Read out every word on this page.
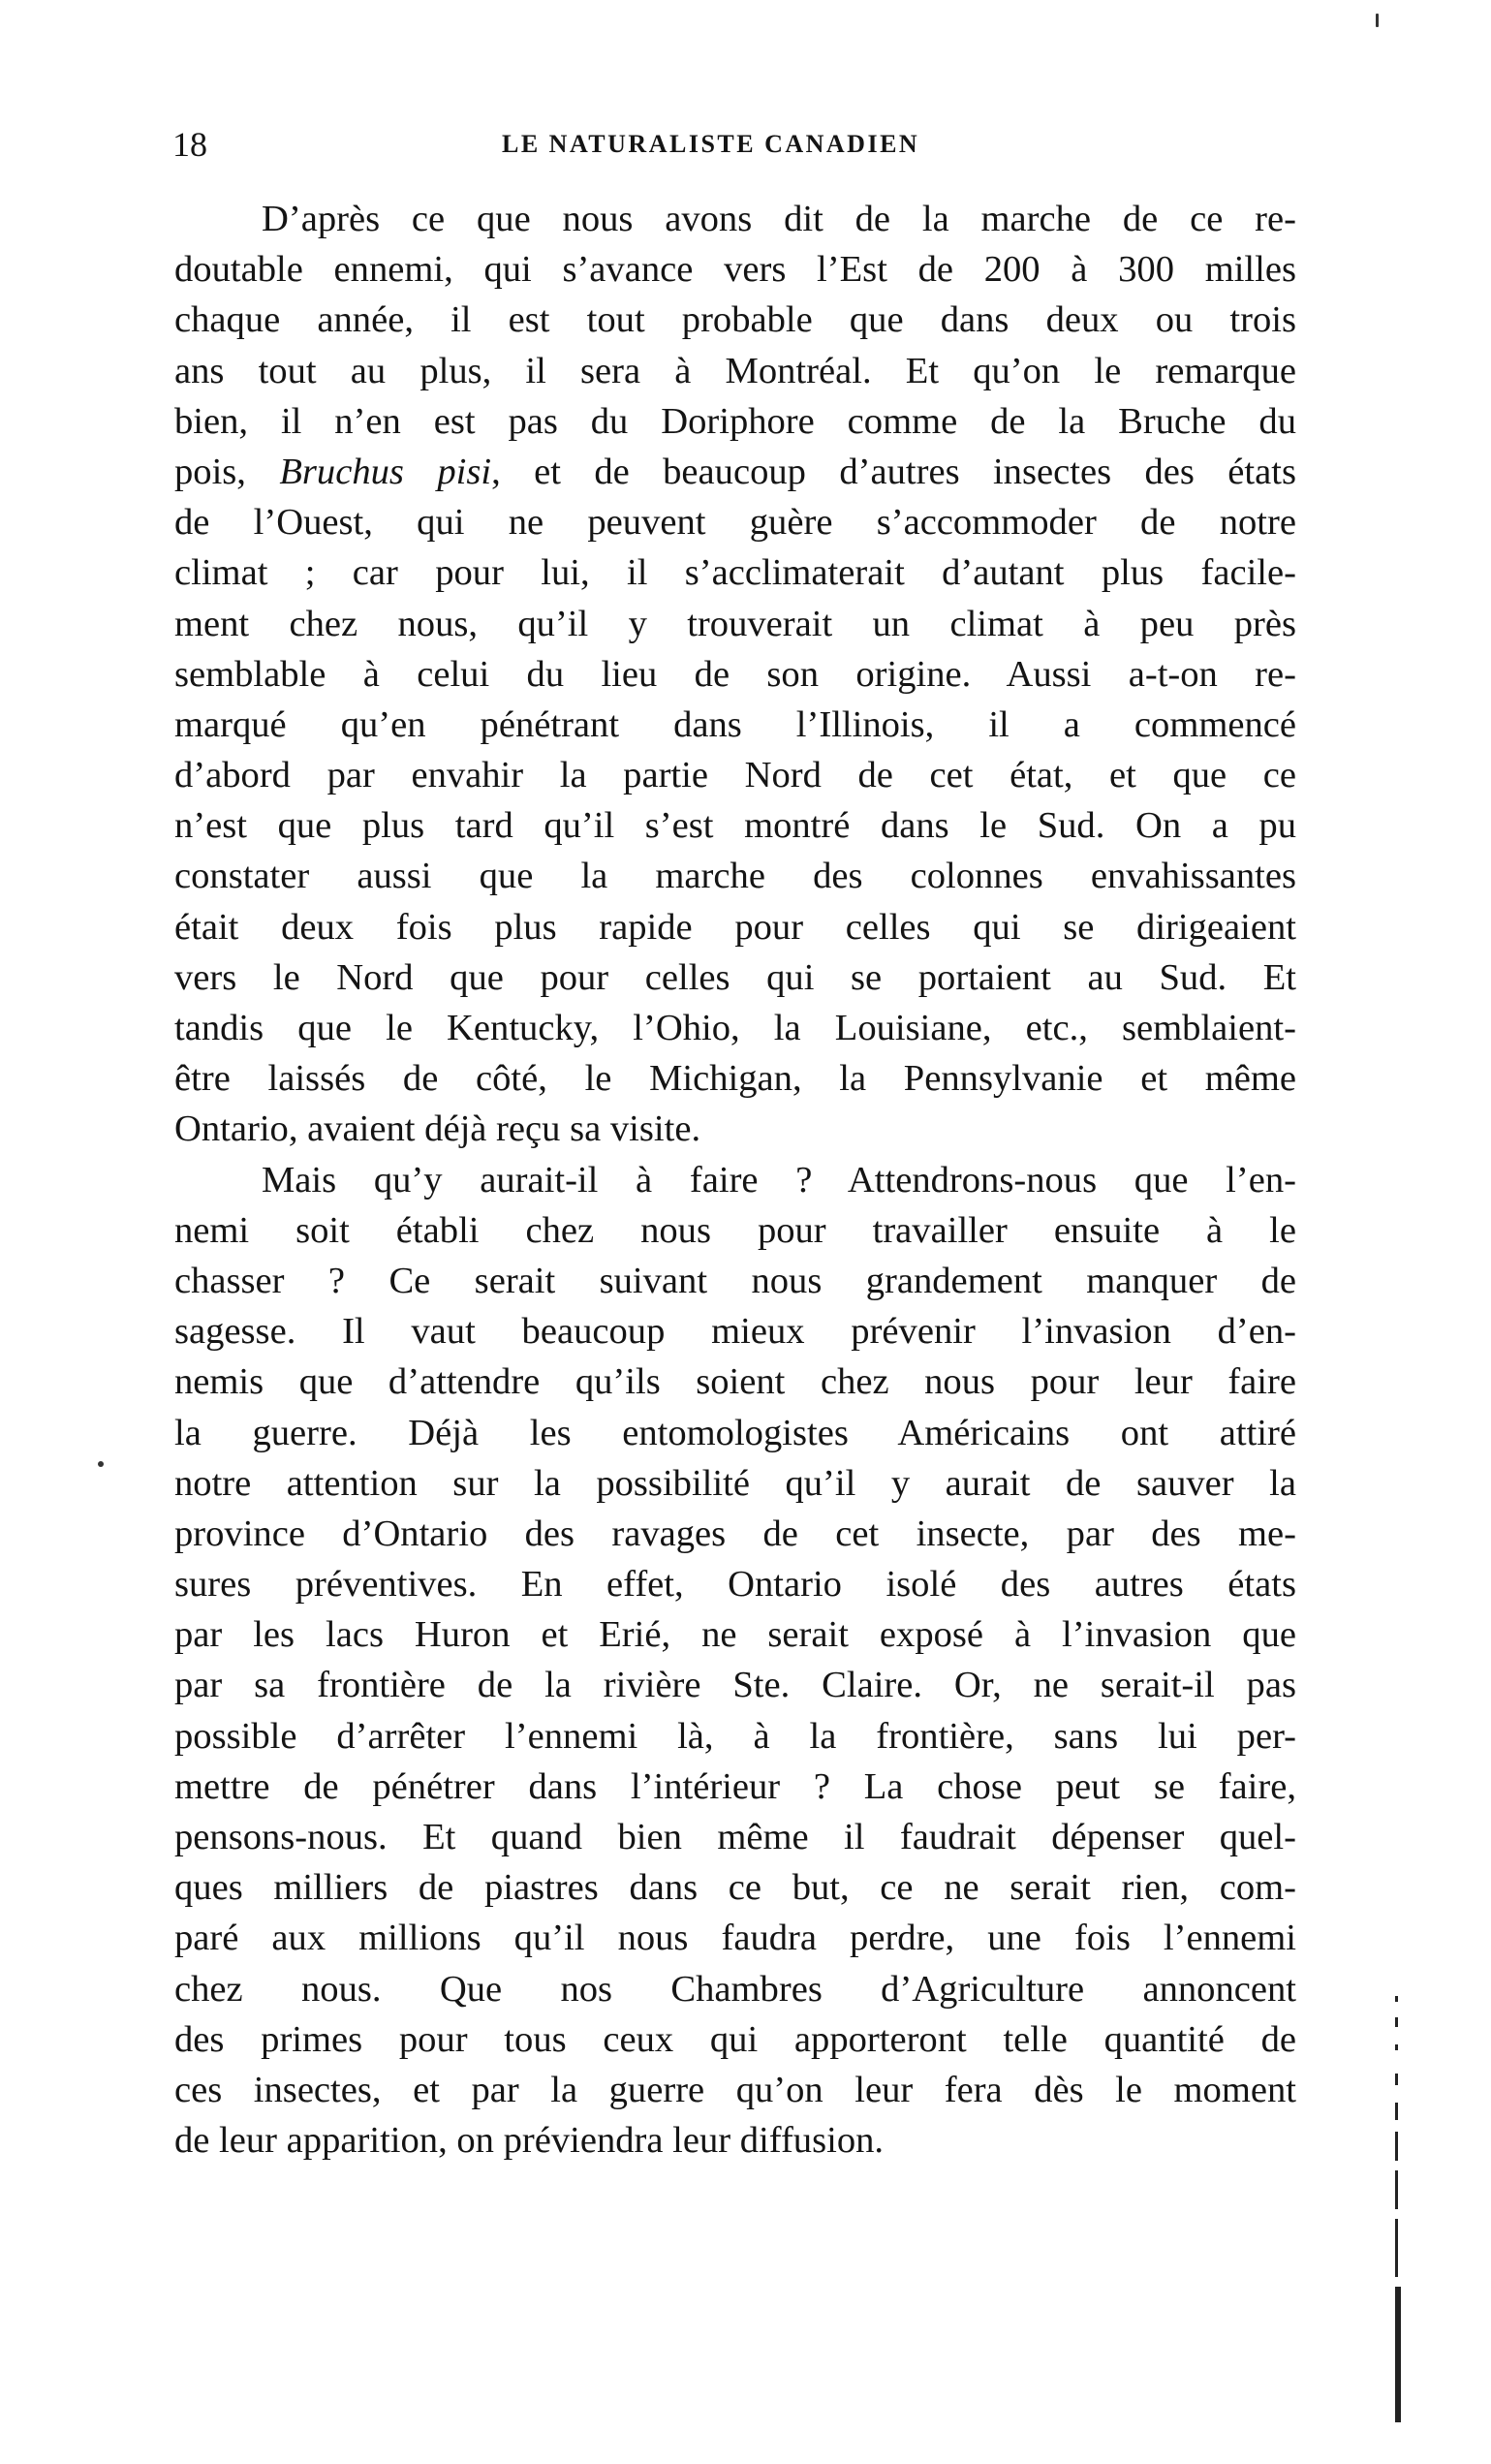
18	LE NATURALISTE CANADIEN
D’après ce que nous avons dit de la marche de ce re-
doutable ennemi, qui s’avance vers l’Est de 200 à 300 milles
chaque année, il est tout probable que dans deux ou trois
ans tout au plus, il sera à Montréal. Et qu’on le remarque
bien, il n’en est pas du Doriphore comme de la Bruche du
pois, Bruchus pisi, et de beaucoup d’autres insectes des états
de l’Ouest, qui ne peuvent guère s’accommoder de notre
climat ; car pour lui, il s’acclimaterait d’autant plus facile-
ment chez nous, qu’il y trouverait un climat à peu près
semblable à celui du lieu de son origine. Aussi a-t-on re-
marqué qu’en pénétrant dans l’Illinois, il a commencé
d’abord par envahir la partie Nord de cet état, et que ce
n’est que plus tard qu’il s’est montré dans le Sud. On a pu
constater aussi que la marche des colonnes envahissantes
était deux fois plus rapide pour celles qui se dirigeaient
vers le Nord que pour celles qui se portaient au Sud. Et
tandis que le Kentucky, l’Ohio, la Louisiane, etc., semblaient-
être laissés de côté, le Michigan, la Pennsylvanie et même
Ontario, avaient déjà reçu sa visite.
Mais qu’y aurait-il à faire ? Attendrons-nous que l’en-
nemi soit établi chez nous pour travailler ensuite à le
chasser ? Ce serait suivant nous grandement manquer de
sagesse. Il vaut beaucoup mieux prévenir l’invasion d’en-
nemis que d’attendre qu’ils soient chez nous pour leur faire
la guerre. Déjà les entomologistes Américains ont attiré
notre attention sur la possibilité qu’il y aurait de sauver la
province d’Ontario des ravages de cet insecte, par des me-
sures préventives. En effet, Ontario isolé des autres états
par les lacs Huron et Erié, ne serait exposé à l’invasion que
par sa frontière de la rivière Ste. Claire. Or, ne serait-il pas
possible d’arrêter l’ennemi là, à la frontière, sans lui per-
mettre de pénétrer dans l’intérieur ? La chose peut se faire,
pensons-nous. Et quand bien même il faudrait dépenser quel-
ques milliers de piastres dans ce but, ce ne serait rien, com-
paré aux millions qu’il nous faudra perdre, une fois l’ennemi
chez nous. Que nos Chambres d’Agriculture annoncent
des primes pour tous ceux qui apporteront telle quantité de
ces insectes, et par la guerre qu’on leur fera dès le moment
de leur apparition, on préviendra leur diffusion.
